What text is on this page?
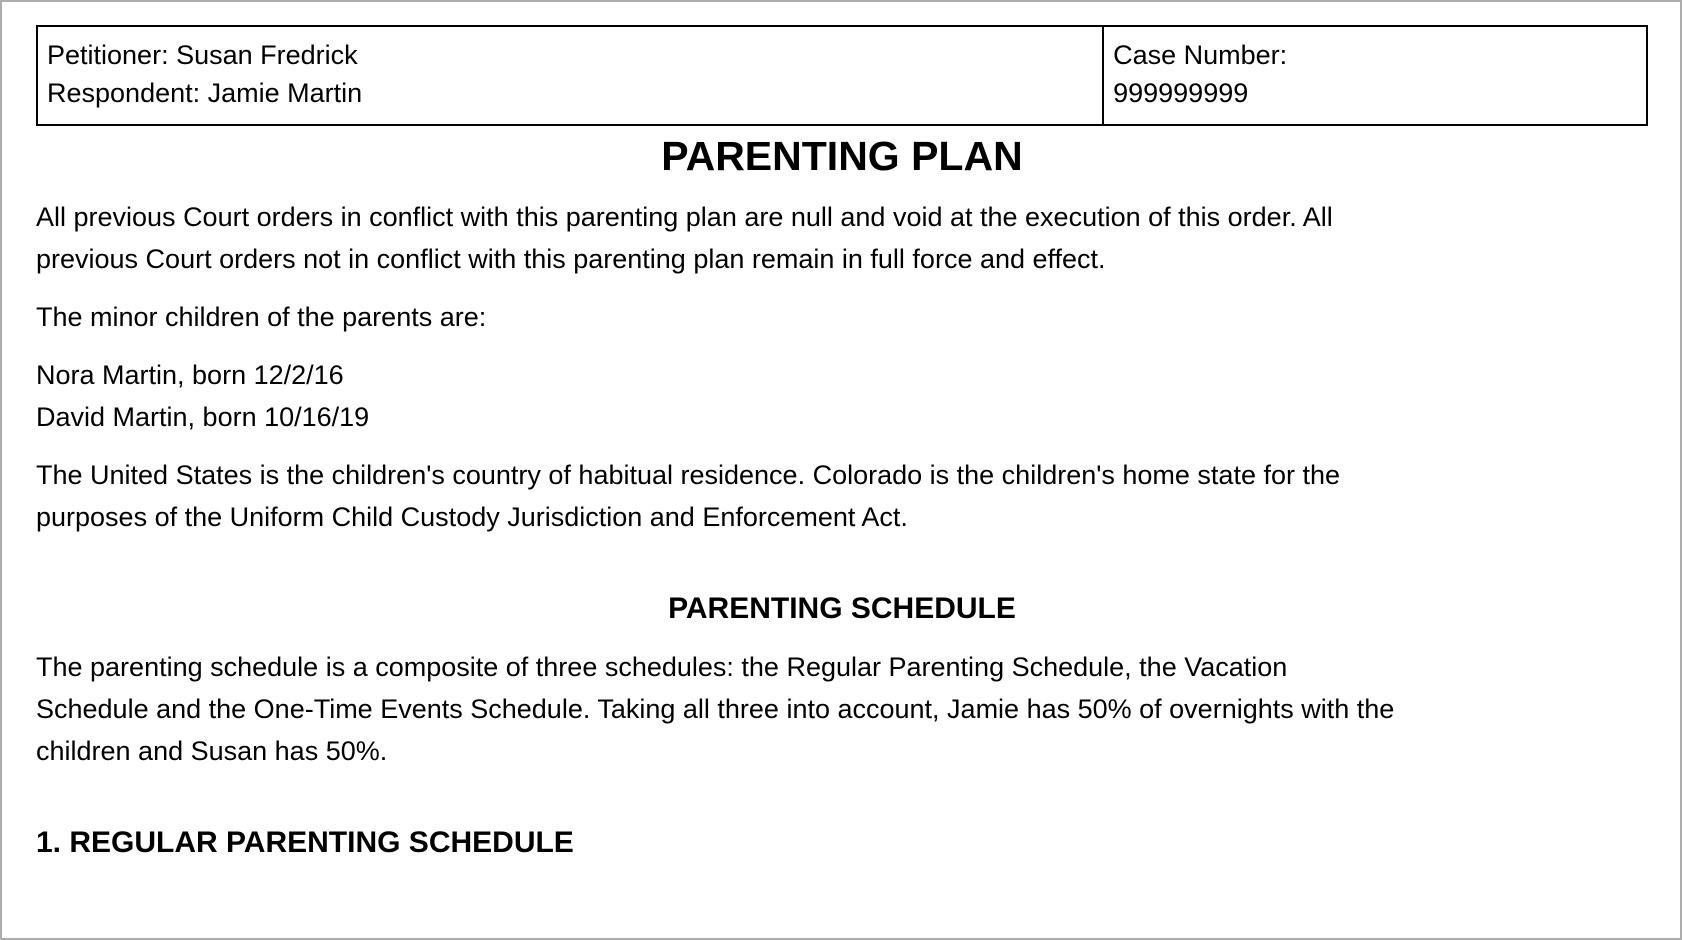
Petitioner: Susan Fredrick
Respondent: Jamie Martin

Case Number:
999999999
PARENTING PLAN

All previous Court orders in conflict with this parenting plan are null and void at the execution of this order. All
previous Court orders not in conflict with this parenting plan remain in full force and effect.

The minor children of the parents are:

Nora Martin, born 12/2/16
David Martin, born 10/16/19

The United States is the children's country of habitual residence. Colorado is the children's home state for the
purposes of the Uniform Child Custody Jurisdiction and Enforcement Act.

PARENTING SCHEDULE

The parenting schedule is a composite of three schedules: the Regular Parenting Schedule, the Vacation
Schedule and the One-Time Events Schedule. Taking all three into account, Jamie has 50% of overnights with the
children and Susan has 50%.

1. REGULAR PARENTING SCHEDULE
